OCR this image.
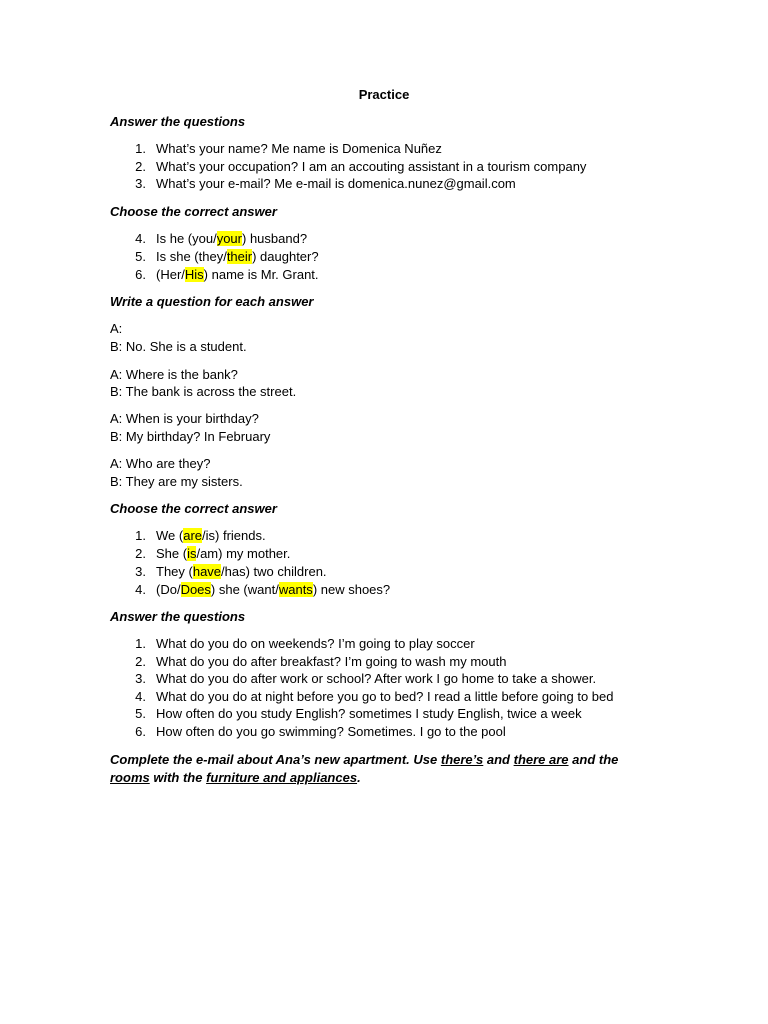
Practice
Answer the questions
1. What’s your name? Me name is Domenica Nuñez
2. What’s your occupation? I am an accouting assistant in a tourism company
3. What’s your e-mail? Me e-mail is domenica.nunez@gmail.com
Choose the correct answer
4. Is he (you/your) husband?
5. Is she (they/their) daughter?
6. (Her/His) name is Mr. Grant.
Write a question for each answer
A:
B: No. She is a student.
A: Where is the bank?
B: The bank is across the street.
A: When is your birthday?
B: My birthday? In February
A: Who are they?
B: They are my sisters.
Choose the correct answer
1. We (are/is) friends.
2. She (is/am) my mother.
3. They (have/has) two children.
4. (Do/Does) she (want/wants) new shoes?
Answer the questions
1. What do you do on weekends? I’m going to play soccer
2. What do you do after breakfast? I’m going to wash my mouth
3. What do you do after work or school? After work I go home to take a shower.
4. What do you do at night before you go to bed? I read a little before going to bed
5. How often do you study English? sometimes I study English, twice a week
6. How often do you go swimming? Sometimes. I go to the pool
Complete the e-mail about Ana’s new apartment. Use there’s and there are and the rooms with the furniture and appliances.
